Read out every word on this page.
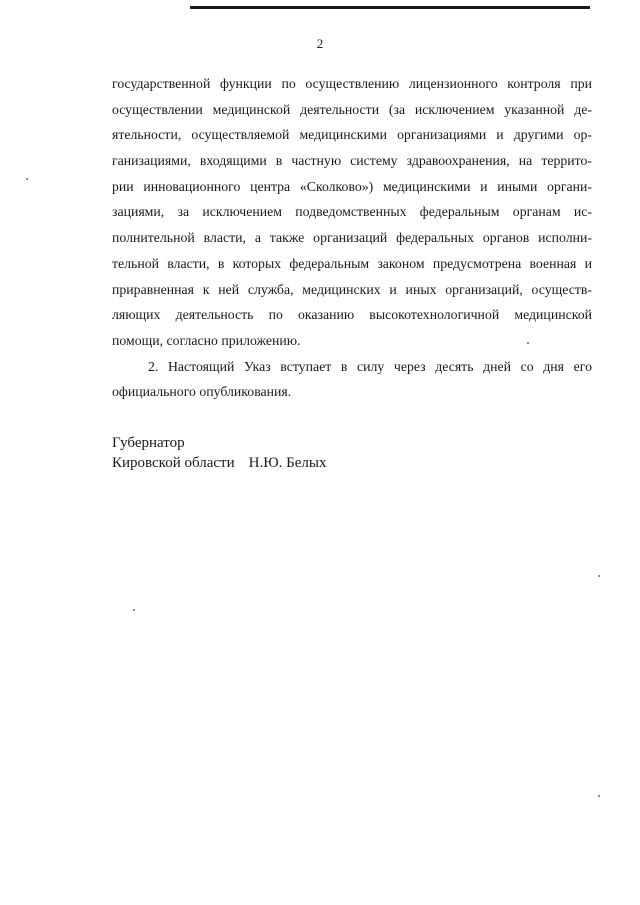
2
государственной функции по осуществлению лицензионного контроля при
осуществлении медицинской деятельности (за исключением указанной де-
ятельности, осуществляемой медицинскими организациями и другими ор-
ганизациями, входящими в частную систему здравоохранения, на террито-
рии инновационного центра «Сколково») медицинскими и иными органи-
зациями, за исключением подведомственных федеральным органам ис-
полнительной власти, а также организаций федеральных органов исполни-
тельной власти, в которых федеральным законом предусмотрена военная и
приравненная к ней служба, медицинских и иных организаций, осуществ-
ляющих деятельность по оказанию высокотехнологичной медицинской
помощи, согласно приложению.
2. Настоящий Указ вступает в силу через десять дней со дня его
официального опубликования.
Губернатор
Кировской области Н.Ю. Белых
